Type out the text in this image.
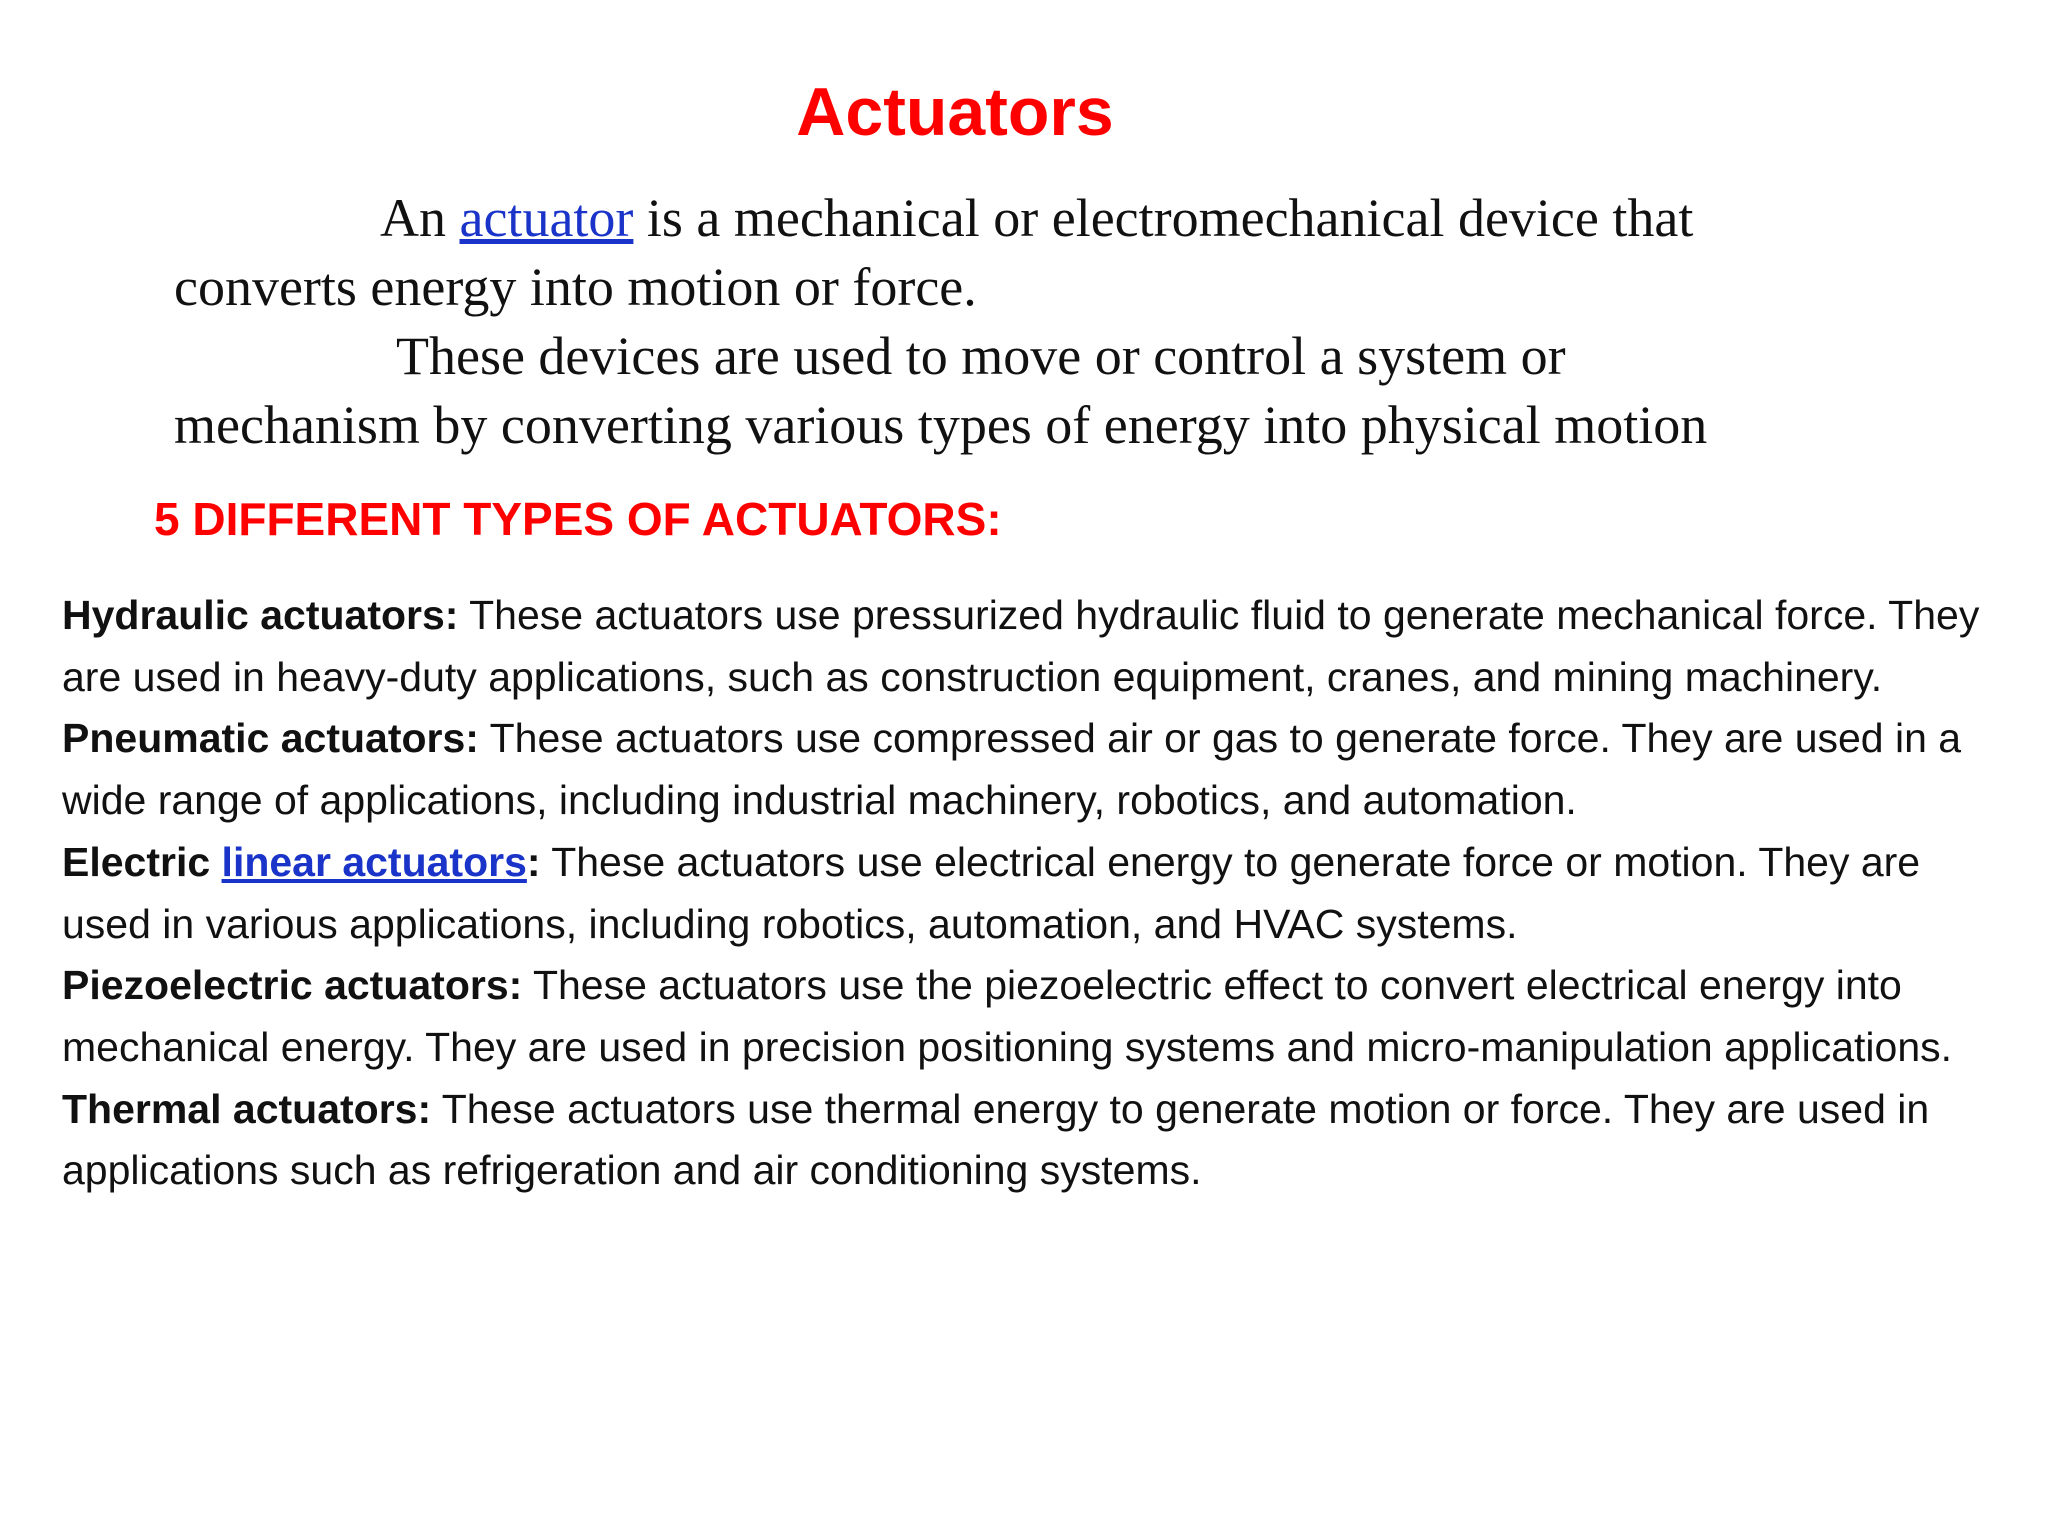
Actuators

An actuator is a mechanical or electromechanical device that

converts energy into motion or force.

These devices are used to move or control a system or

mechanism by converting various types of energy into physical motion

5 DIFFERENT TYPES OF ACTUATORS:

Hydraulic actuators: These actuators use pressurized hydraulic fluid to generate mechanical force. They are used in heavy-duty applications, such as construction equipment, cranes, and mining machinery.

Pneumatic actuators: These actuators use compressed air or gas to generate force. They are used in a wide range of applications, including industrial machinery, robotics, and automation.

Electric linear actuators: These actuators use electrical energy to generate force or motion. They are used in various applications, including robotics, automation, and HVAC systems.

Piezoelectric actuators: These actuators use the piezoelectric effect to convert electrical energy into mechanical energy. They are used in precision positioning systems and micro-manipulation applications.

Thermal actuators: These actuators use thermal energy to generate motion or force. They are used in applications such as refrigeration and air conditioning systems.
